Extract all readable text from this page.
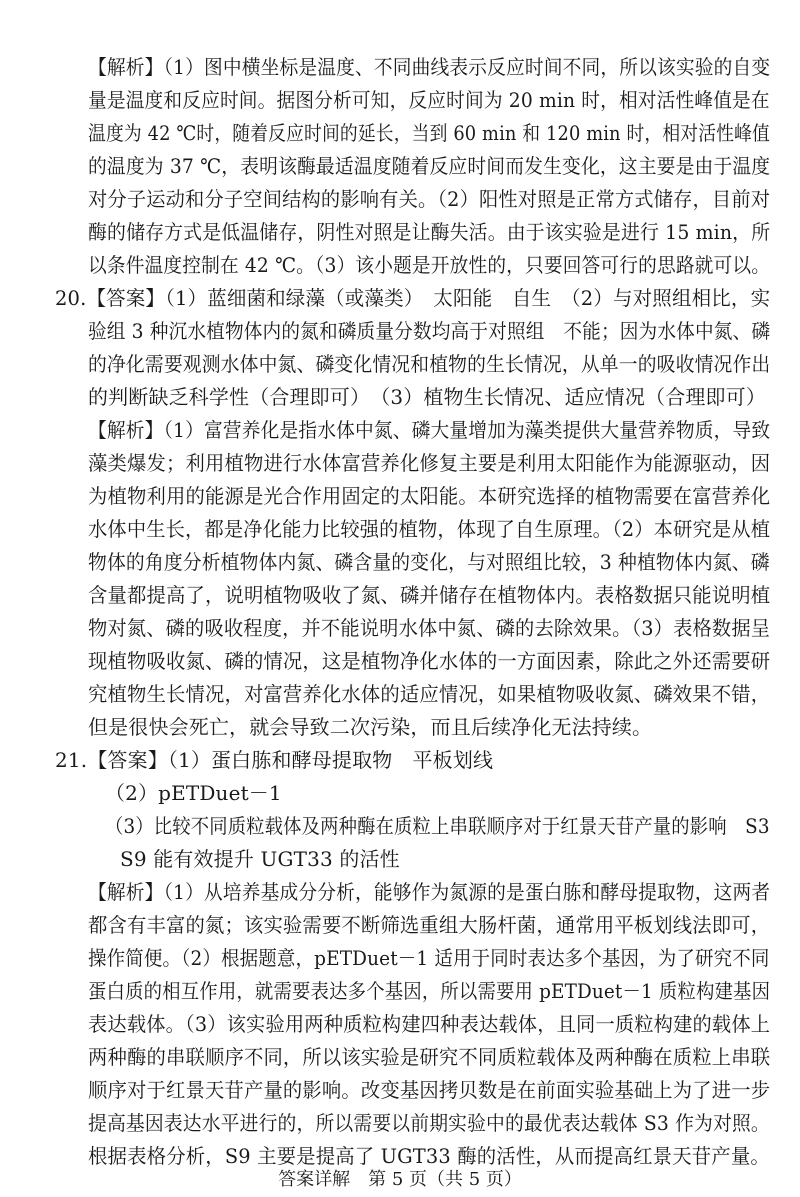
【解析】（1）图中横坐标是温度、不同曲线表示反应时间不同，所以该实验的自变
量是温度和反应时间。据图分析可知，反应时间为 20 min 时，相对活性峰值是在
温度为 42 ℃时，随着反应时间的延长，当到 60 min 和 120 min 时，相对活性峰值
的温度为 37 ℃，表明该酶最适温度随着反应时间而发生变化，这主要是由于温度
对分子运动和分子空间结构的影响有关。（2）阳性对照是正常方式储存，目前对
酶的储存方式是低温储存，阴性对照是让酶失活。由于该实验是进行 15 min，所
以条件温度控制在 42 ℃。（3）该小题是开放性的，只要回答可行的思路就可以。
20.【答案】（1）蓝细菌和绿藻（或藻类）　太阳能　自生　（2）与对照组相比，实
验组 3 种沉水植物体内的氮和磷质量分数均高于对照组　不能；因为水体中氮、磷
的净化需要观测水体中氮、磷变化情况和植物的生长情况，从单一的吸收情况作出
的判断缺乏科学性（合理即可）　（3）植物生长情况、适应情况（合理即可）
【解析】（1）富营养化是指水体中氮、磷大量增加为藻类提供大量营养物质，导致
藻类爆发；利用植物进行水体富营养化修复主要是利用太阳能作为能源驱动，因
为植物利用的能源是光合作用固定的太阳能。本研究选择的植物需要在富营养化
水体中生长，都是净化能力比较强的植物，体现了自生原理。（2）本研究是从植
物体的角度分析植物体内氮、磷含量的变化，与对照组比较，3 种植物体内氮、磷
含量都提高了，说明植物吸收了氮、磷并储存在植物体内。表格数据只能说明植
物对氮、磷的吸收程度，并不能说明水体中氮、磷的去除效果。（3）表格数据呈
现植物吸收氮、磷的情况，这是植物净化水体的一方面因素，除此之外还需要研
究植物生长情况，对富营养化水体的适应情况，如果植物吸收氮、磷效果不错，
但是很快会死亡，就会导致二次污染，而且后续净化无法持续。
21.【答案】（1）蛋白胨和酵母提取物　平板划线
（2）pETDuet－1
（3）比较不同质粒载体及两种酶在质粒上串联顺序对于红景天苷产量的影响　S3
S9 能有效提升 UGT33 的活性
【解析】（1）从培养基成分分析，能够作为氮源的是蛋白胨和酵母提取物，这两者
都含有丰富的氮；该实验需要不断筛选重组大肠杆菌，通常用平板划线法即可，
操作简便。（2）根据题意，pETDuet－1 适用于同时表达多个基因，为了研究不同
蛋白质的相互作用，就需要表达多个基因，所以需要用 pETDuet－1 质粒构建基因
表达载体。（3）该实验用两种质粒构建四种表达载体，且同一质粒构建的载体上
两种酶的串联顺序不同，所以该实验是研究不同质粒载体及两种酶在质粒上串联
顺序对于红景天苷产量的影响。改变基因拷贝数是在前面实验基础上为了进一步
提高基因表达水平进行的，所以需要以前期实验中的最优表达载体 S3 作为对照。
根据表格分析，S9 主要是提高了 UGT33 酶的活性，从而提高红景天苷产量。
答案详解　第 5 页（共 5 页）
